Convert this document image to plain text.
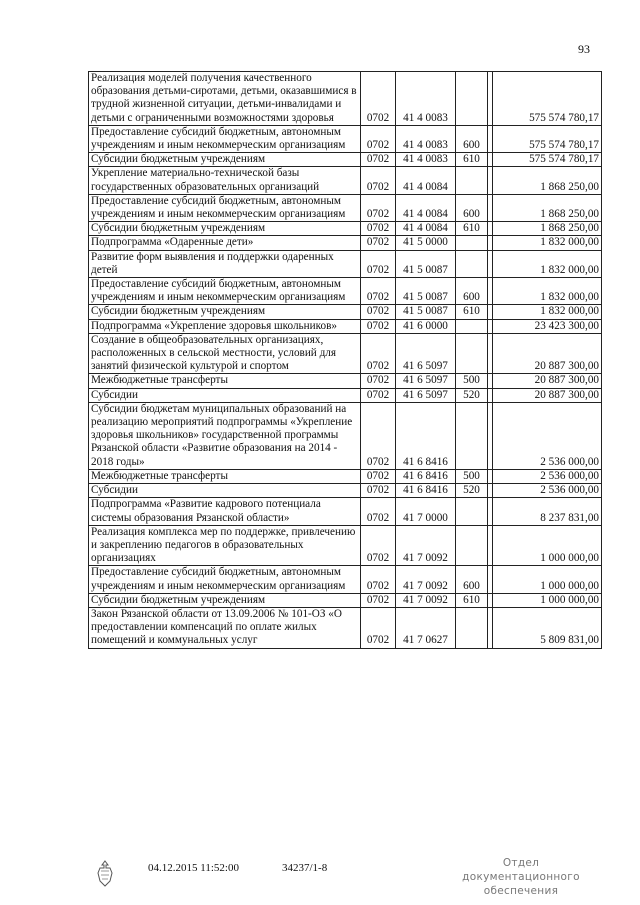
93
Реализация моделей получения качественного образования детьми-сиротами, детьми, оказавшимися в трудной жизненной ситуации, детьми-инвалидами и детьми с ограниченными возможностями здоровья	0702	41 4 0083			575 574 780,17
Предоставление субсидий бюджетным, автономным учреждениям и иным некоммерческим организациям	0702	41 4 0083	600		575 574 780,17
Субсидии бюджетным учреждениям	0702	41 4 0083	610		575 574 780,17
Укрепление материально-технической базы государственных образовательных организаций	0702	41 4 0084			1 868 250,00
Предоставление субсидий бюджетным, автономным учреждениям и иным некоммерческим организациям	0702	41 4 0084	600		1 868 250,00
Субсидии бюджетным учреждениям	0702	41 4 0084	610		1 868 250,00
Подпрограмма «Одаренные дети»	0702	41 5 0000			1 832 000,00
Развитие форм выявления и поддержки одаренных детей	0702	41 5 0087			1 832 000,00
Предоставление субсидий бюджетным, автономным учреждениям и иным некоммерческим организациям	0702	41 5 0087	600		1 832 000,00
Субсидии бюджетным учреждениям	0702	41 5 0087	610		1 832 000,00
Подпрограмма «Укрепление здоровья школьников»	0702	41 6 0000			23 423 300,00
Создание в общеобразовательных организациях, расположенных в сельской местности, условий для занятий физической культурой и спортом	0702	41 6 5097			20 887 300,00
Межбюджетные трансферты	0702	41 6 5097	500		20 887 300,00
Субсидии	0702	41 6 5097	520		20 887 300,00
Субсидии бюджетам муниципальных образований на реализацию мероприятий подпрограммы «Укрепление здоровья школьников» государственной программы Рязанской области «Развитие образования на 2014 - 2018 годы»	0702	41 6 8416			2 536 000,00
Межбюджетные трансферты	0702	41 6 8416	500		2 536 000,00
Субсидии	0702	41 6 8416	520		2 536 000,00
Подпрограмма «Развитие кадрового потенциала системы образования Рязанской области»	0702	41 7 0000			8 237 831,00
Реализация комплекса мер по поддержке, привлечению и закреплению педагогов в образовательных организациях	0702	41 7 0092			1 000 000,00
Предоставление субсидий бюджетным, автономным учреждениям и иным некоммерческим организациям	0702	41 7 0092	600		1 000 000,00
Субсидии бюджетным учреждениям	0702	41 7 0092	610		1 000 000,00
Закон Рязанской области от 13.09.2006 № 101-ОЗ «О предоставлении компенсаций по оплате жилых помещений и коммунальных услуг	0702	41 7 0627			5 809 831,00
04.12.2015 11:52:00	34237/1-8	Отдел документационного обеспечения
